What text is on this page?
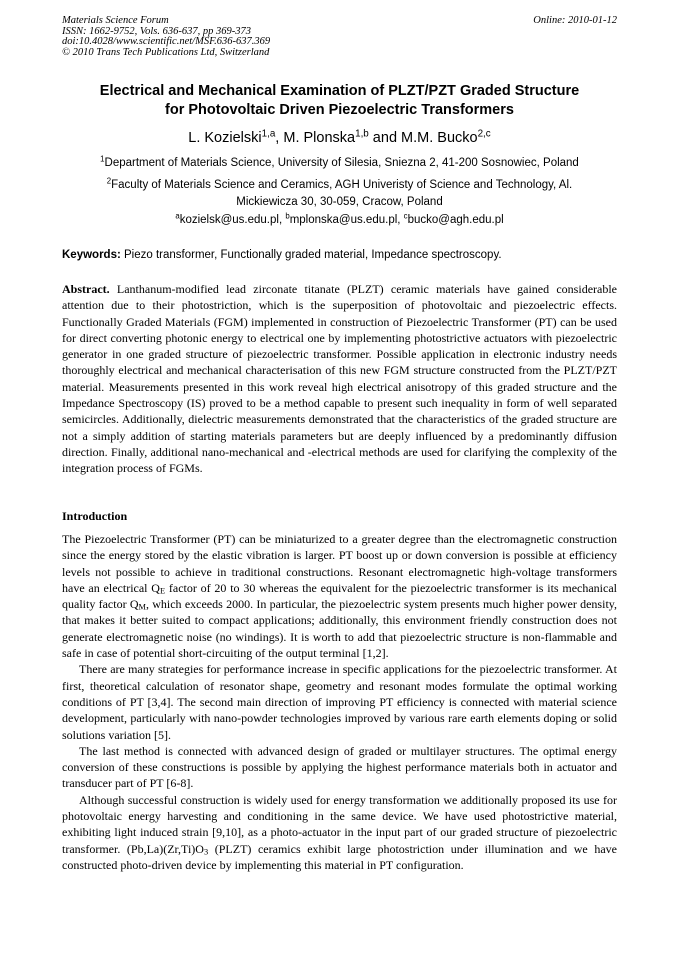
Materials Science Forum
ISSN: 1662-9752, Vols. 636-637, pp 369-373
doi:10.4028/www.scientific.net/MSF.636-637.369
© 2010 Trans Tech Publications Ltd, Switzerland
Online: 2010-01-12
Electrical and Mechanical Examination of PLZT/PZT Graded Structure
for Photovoltaic Driven Piezoelectric Transformers
L. Kozielski$^{1,a}$, M. Plonska$^{1,b}$ and M.M. Bucko$^{2,c}$
$^1$Department of Materials Science, University of Silesia, Sniezna 2, 41-200 Sosnowiec, Poland
$^2$Faculty of Materials Science and Ceramics, AGH Univeristy of Science and Technology, Al.
Mickiewicza 30, 30-059, Cracow, Poland
$^a$kozielsk@us.edu.pl, $^b$mplonska@us.edu.pl, $^c$bucko@agh.edu.pl
Keywords: Piezo transformer, Functionally graded material, Impedance spectroscopy.
Abstract. Lanthanum-modified lead zirconate titanate (PLZT) ceramic materials have gained considerable attention due to their photostriction, which is the superposition of photovoltaic and piezoelectric effects. Functionally Graded Materials (FGM) implemented in construction of Piezoelectric Transformer (PT) can be used for direct converting photonic energy to electrical one by implementing photostrictive actuators with piezoelectric generator in one graded structure of piezoelectric transformer. Possible application in electronic industry needs thoroughly electrical and mechanical characterisation of this new FGM structure constructed from the PLZT/PZT material. Measurements presented in this work reveal high electrical anisotropy of this graded structure and the Impedance Spectroscopy (IS) proved to be a method capable to present such inequality in form of well separated semicircles. Additionally, dielectric measurements demonstrated that the characteristics of the graded structure are not a simply addition of starting materials parameters but are deeply influenced by a predominantly diffusion direction. Finally, additional nano-mechanical and -electrical methods are used for clarifying the complexity of the integration process of FGMs.
Introduction

The Piezoelectric Transformer (PT) can be miniaturized to a greater degree than the electromagnetic construction since the energy stored by the elastic vibration is larger. PT boost up or down conversion is possible at efficiency levels not possible to achieve in traditional constructions. Resonant electromagnetic high-voltage transformers have an electrical $Q_E$ factor of 20 to 30 whereas the equivalent for the piezoelectric transformer is its mechanical quality factor $Q_M$, which exceeds 2000. In particular, the piezoelectric system presents much higher power density, that makes it better suited to compact applications; additionally, this environment friendly construction does not generate electromagnetic noise (no windings). It is worth to add that piezoelectric structure is non-flammable and safe in case of potential short-circuiting of the output terminal [1,2].

There are many strategies for performance increase in specific applications for the piezoelectric transformer. At first, theoretical calculation of resonator shape, geometry and resonant modes formulate the optimal working conditions of PT [3,4]. The second main direction of improving PT efficiency is connected with material science development, particularly with nano-powder technologies improved by various rare earth elements doping or solid solutions variation [5].

The last method is connected with advanced design of graded or multilayer structures. The optimal energy conversion of these constructions is possible by applying the highest performance materials both in actuator and transducer part of PT [6-8].

Although successful construction is widely used for energy transformation we additionally proposed its use for photovoltaic energy harvesting and conditioning in the same device. We have used photostrictive material, exhibiting light induced strain [9,10], as a photo-actuator in the input part of our graded structure of piezoelectric transformer. $(Pb,La)(Zr,Ti)O_3$ (PLZT) ceramics exhibit large photostriction under illumination and we have constructed photo-driven device by implementing this material in PT configuration.
